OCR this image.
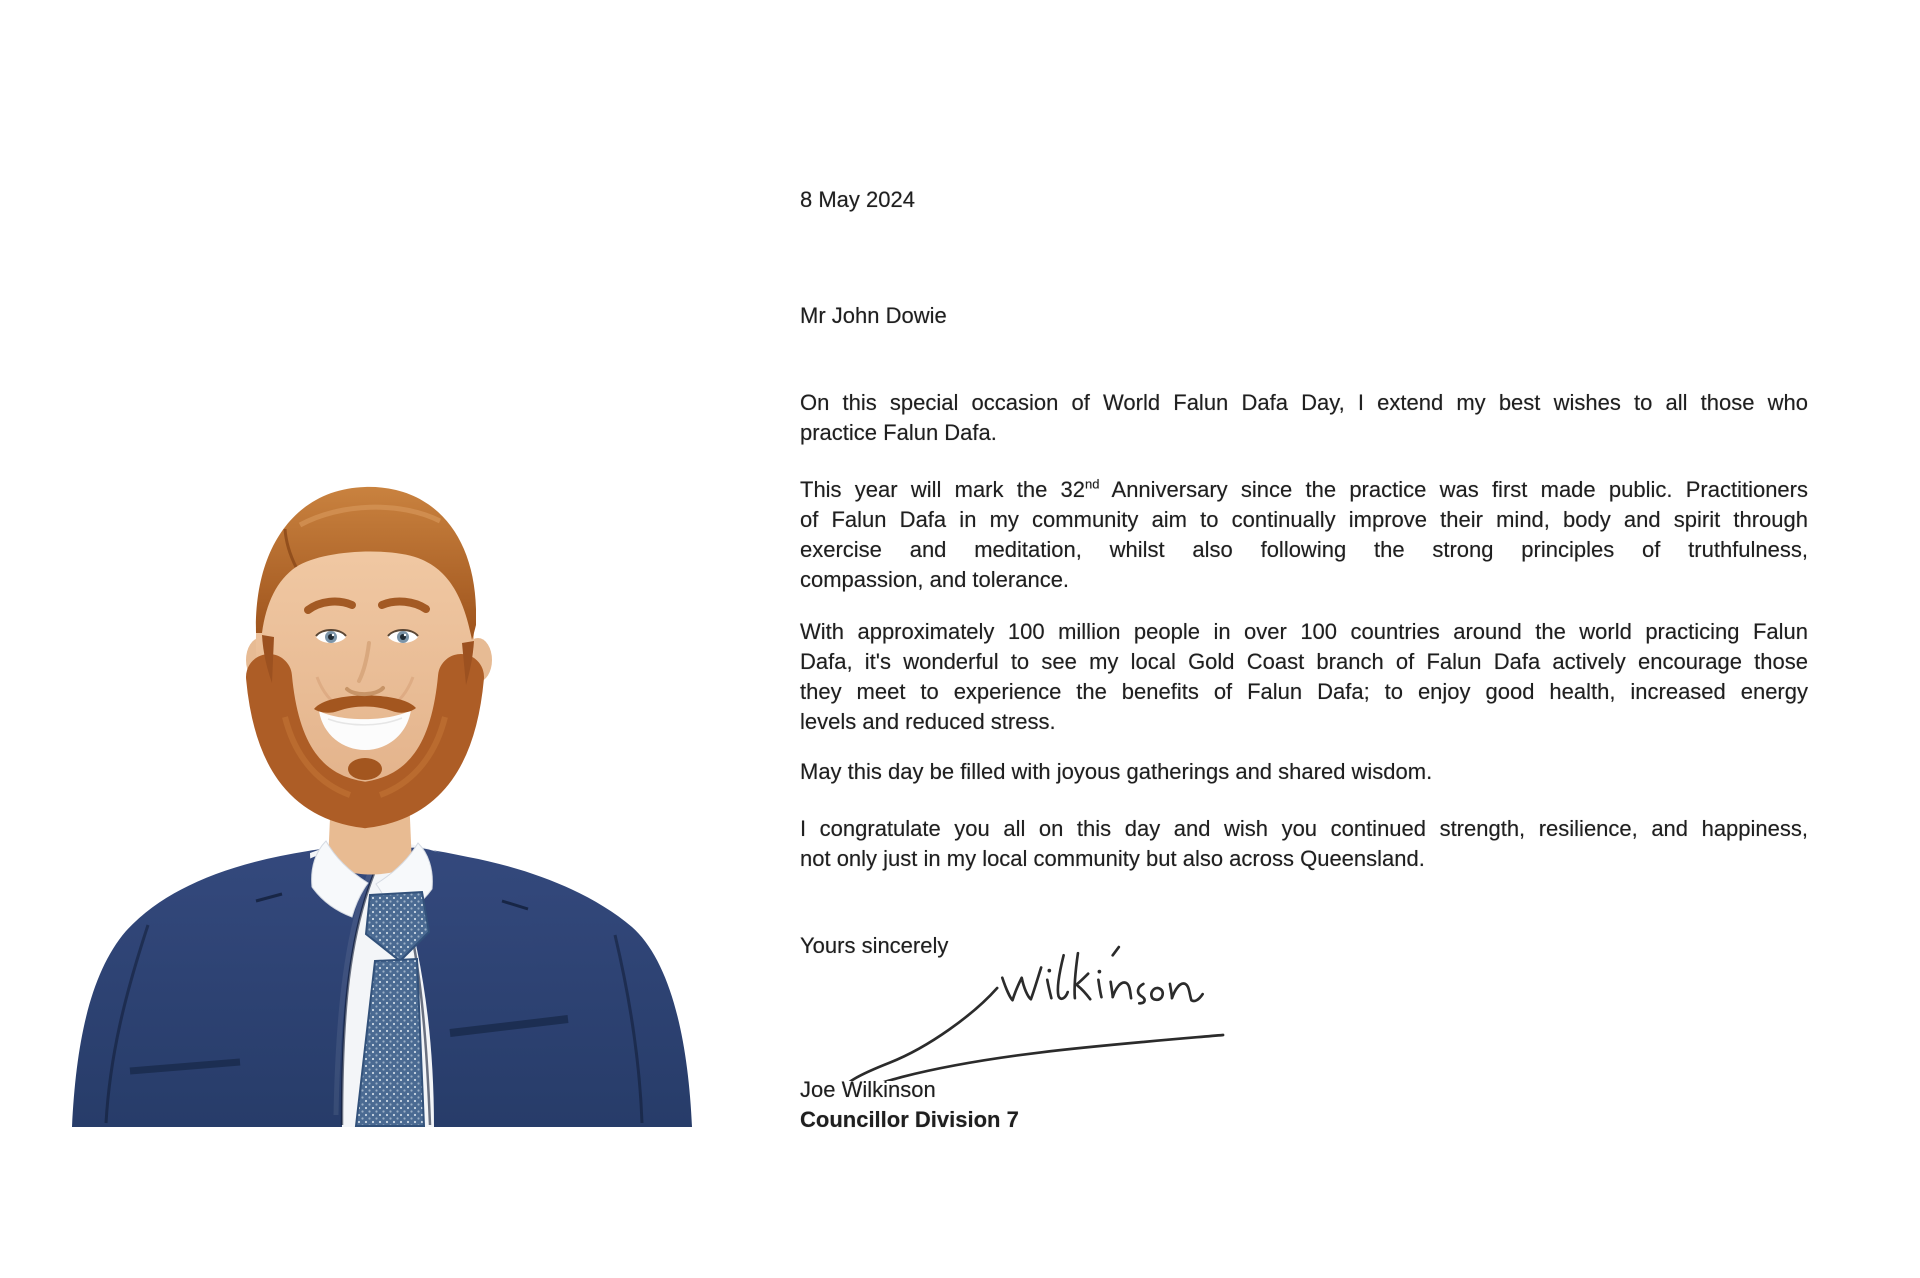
8 May 2024
Mr John Dowie
On this special occasion of World Falun Dafa Day, I extend my best wishes to all those who
practice Falun Dafa.
This year will mark the 32nd Anniversary since the practice was first made public. Practitioners
of Falun Dafa in my community aim to continually improve their mind, body and spirit through
exercise and meditation, whilst also following the strong principles of truthfulness,
compassion, and tolerance.
With approximately 100 million people in over 100 countries around the world practicing Falun
Dafa, it's wonderful to see my local Gold Coast branch of Falun Dafa actively encourage those
they meet to experience the benefits of Falun Dafa; to enjoy good health, increased energy
levels and reduced stress.
May this day be filled with joyous gatherings and shared wisdom.
I congratulate you all on this day and wish you continued strength, resilience, and happiness,
not only just in my local community but also across Queensland.
Yours sincerely
Joe Wilkinson
Councillor Division 7
